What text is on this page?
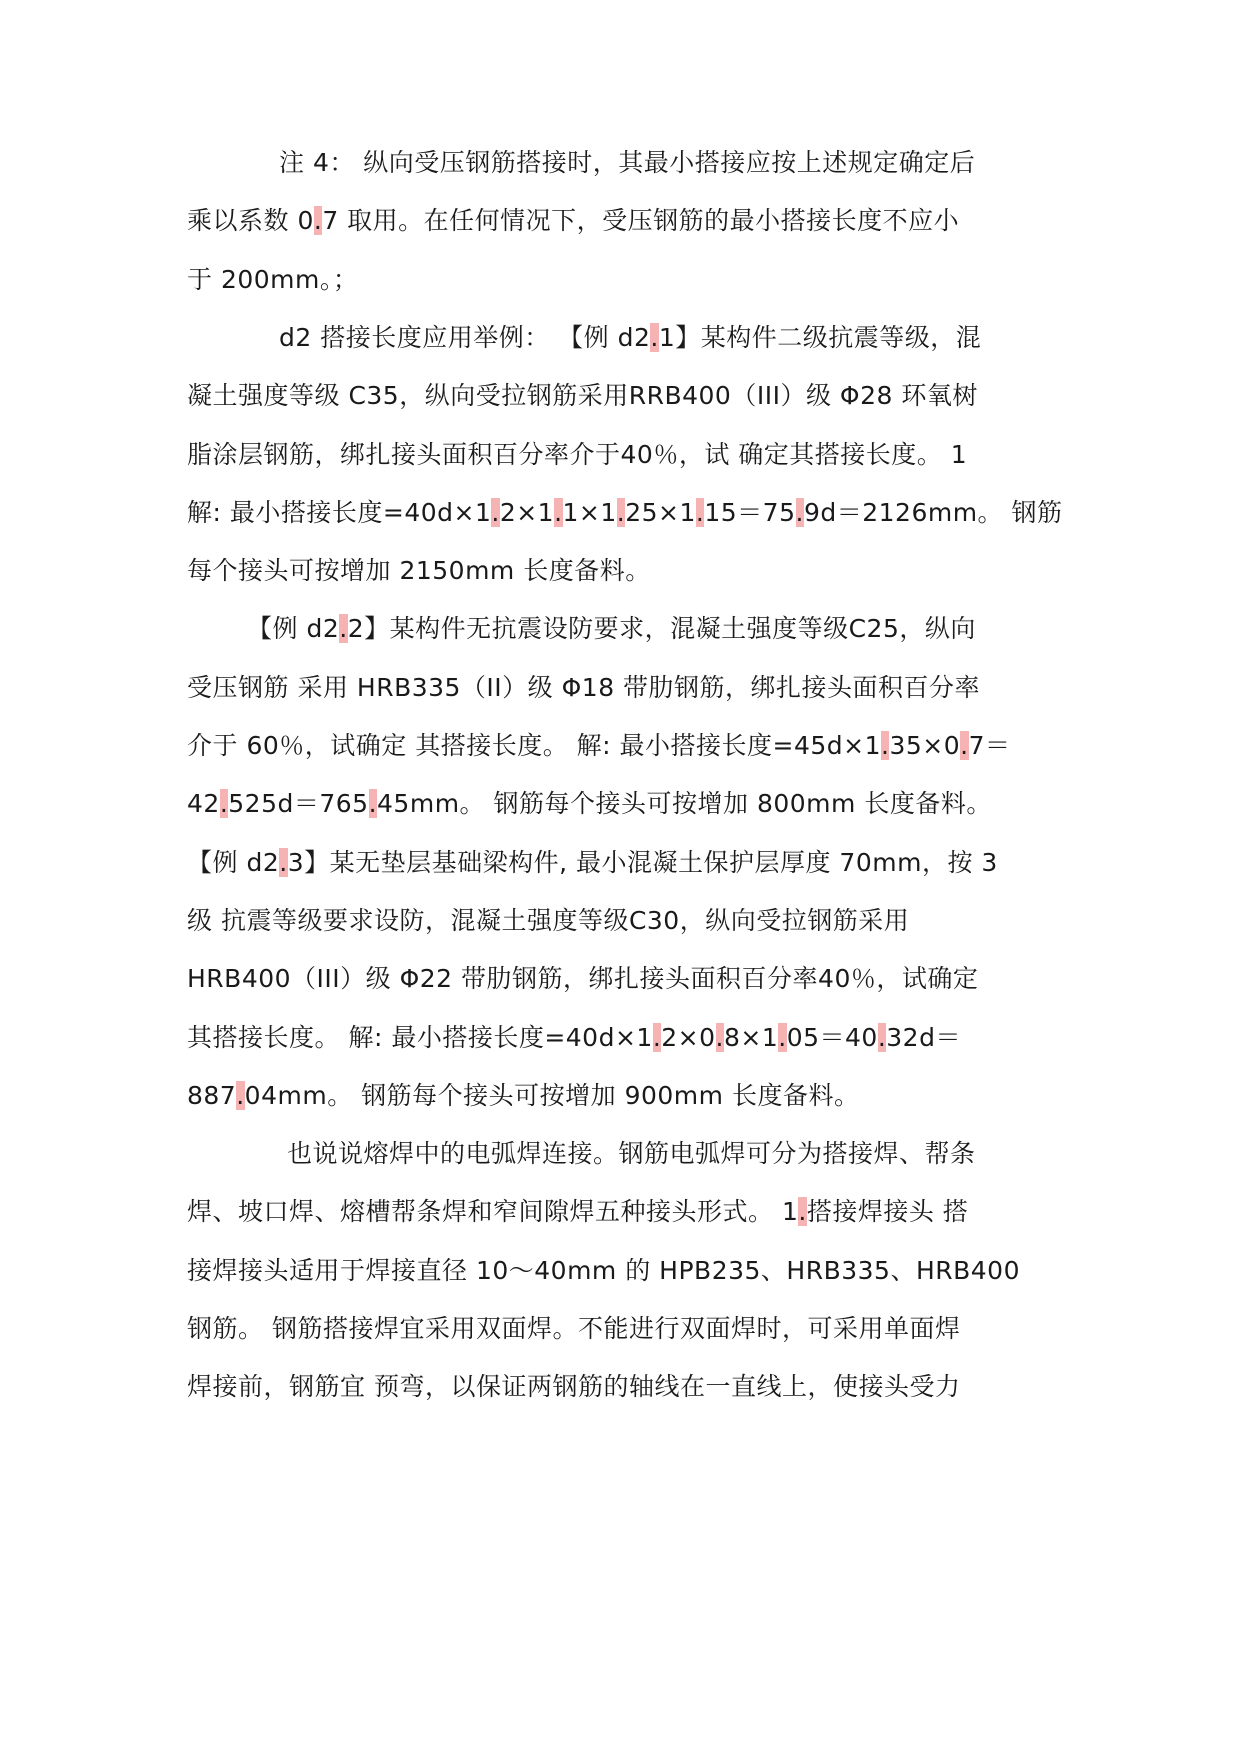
注 4： 纵向受压钢筋搭接时，其最小搭接应按上述规定确定后
乘以系数 0.7 取用。在任何情况下，受压钢筋的最小搭接长度不应小
于 200mm。；
d2 搭接长度应用举例： 【例 d2.1】某构件二级抗震等级，混
凝土强度等级 C35，纵向受拉钢筋采用RRB400（III）级 Φ28 环氧树
脂涂层钢筋，绑扎接头面积百分率介于40％，试 确定其搭接长度。 1
解: 最小搭接长度=40d×1.2×1.1×1.25×1.15＝75.9d＝2126mm。 钢筋
每个接头可按增加 2150mm 长度备料。
【例 d2.2】某构件无抗震设防要求，混凝土强度等级C25，纵向
受压钢筋 采用 HRB335（II）级 Φ18 带肋钢筋，绑扎接头面积百分率
介于 60％，试确定 其搭接长度。 解: 最小搭接长度=45d×1.35×0.7＝
42.525d＝765.45mm。 钢筋每个接头可按增加 800mm 长度备料。
【例 d2.3】某无垫层基础梁构件, 最小混凝土保护层厚度 70mm，按 3
级 抗震等级要求设防，混凝土强度等级C30，纵向受拉钢筋采用
HRB400（III）级 Φ22 带肋钢筋，绑扎接头面积百分率40％，试确定
其搭接长度。 解: 最小搭接长度=40d×1.2×0.8×1.05＝40.32d＝
887.04mm。 钢筋每个接头可按增加 900mm 长度备料。
也说说熔焊中的电弧焊连接。钢筋电弧焊可分为搭接焊、帮条
焊、坡口焊、熔槽帮条焊和窄间隙焊五种接头形式。 1.搭接焊接头 搭
接焊接头适用于焊接直径 10～40mm 的 HPB235、HRB335、HRB400
钢筋。 钢筋搭接焊宜采用双面焊。不能进行双面焊时，可采用单面焊
焊接前，钢筋宜 预弯，以保证两钢筋的轴线在一直线上，使接头受力
